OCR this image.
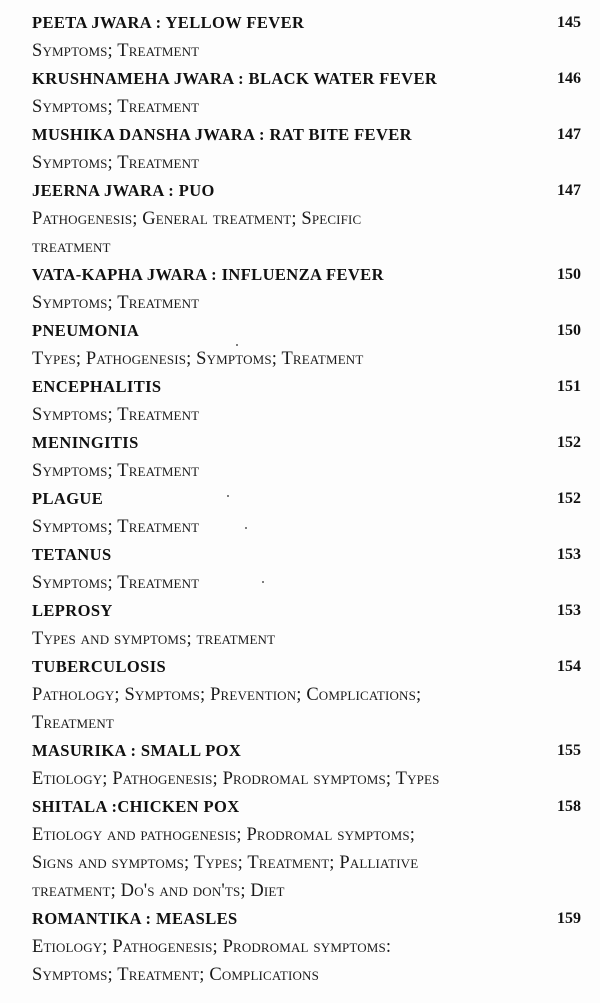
PEETA JWARA : YELLOW FEVER	145
Symptoms; Treatment
KRUSHNAMEHA JWARA : BLACK WATER FEVER	146
Symptoms; Treatment
MUSHIKA DANSHA JWARA : RAT BITE FEVER	147
Symptoms; Treatment
JEERNA JWARA : PUO	147
Pathogenesis; General treatment; Specific
treatment
VATA-KAPHA JWARA : INFLUENZA FEVER	150
Symptoms; Treatment
PNEUMONIA	150
Types; Pathogenesis; Symptoms; Treatment
ENCEPHALITIS	151
Symptoms; Treatment
MENINGITIS	152
Symptoms; Treatment
PLAGUE	152
Symptoms; Treatment
TETANUS	153
Symptoms; Treatment
LEPROSY	153
Types and symptoms; treatment
TUBERCULOSIS	154
Pathology; Symptoms; Prevention; Complications;
Treatment
MASURIKA : SMALL POX	155
Etiology; Pathogenesis; Prodromal symptoms; Types
SHITALA :CHICKEN POX	158
Etiology and pathogenesis; Prodromal symptoms;
Signs and symptoms; Types; Treatment; Palliative
treatment; Do's and don'ts; Diet
ROMANTIKA : MEASLES	159
Etiology; Pathogenesis; Prodromal symptoms:
Symptoms; Treatment; Complications
